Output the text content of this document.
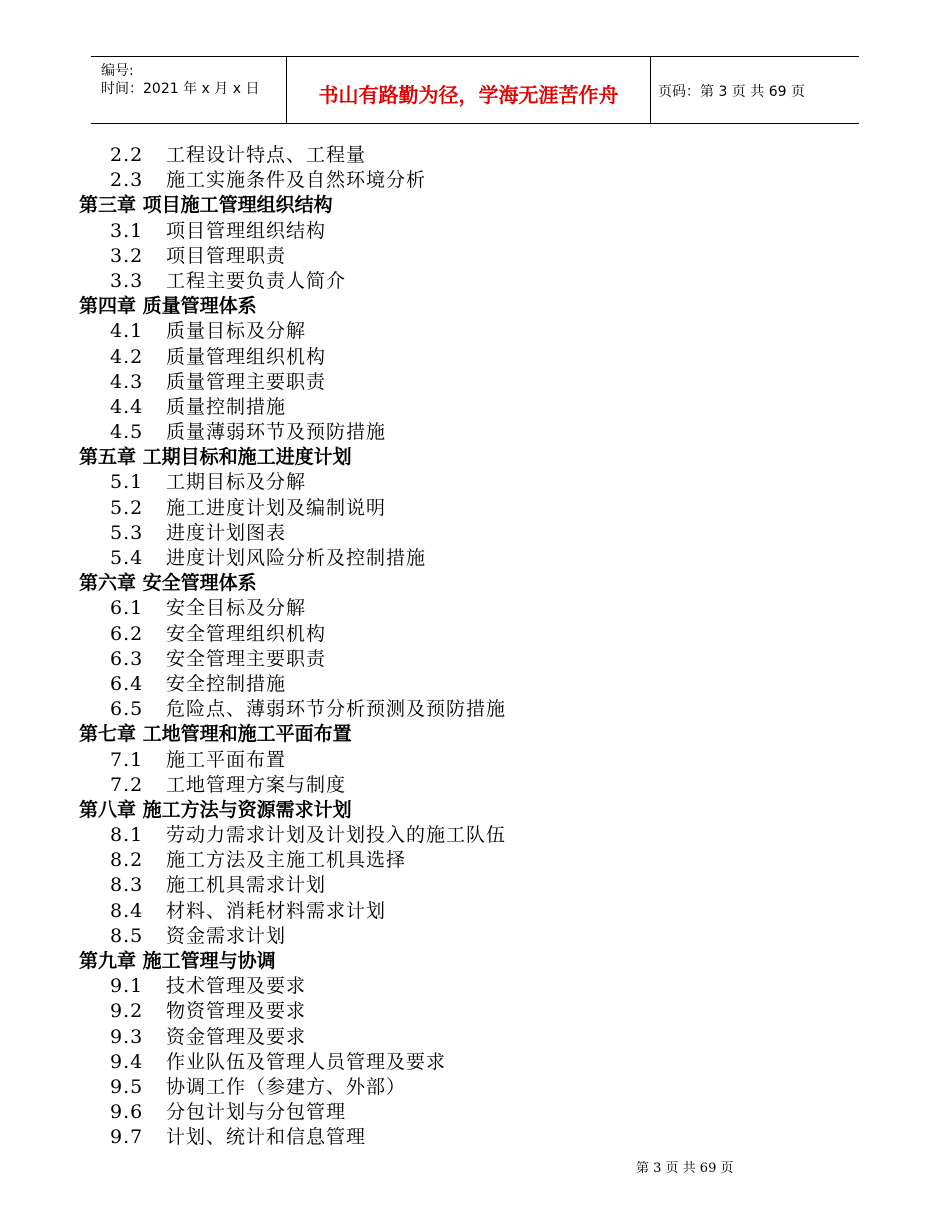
编号:
时间：2021 年 x 月 x 日	书山有路勤为径，学海无涯苦作舟	页码：第 3 页 共 69 页
2.2 工程设计特点、工程量
2.3 施工实施条件及自然环境分析
第三章 项目施工管理组织结构
3.1 项目管理组织结构
3.2 项目管理职责
3.3 工程主要负责人简介
第四章 质量管理体系
4.1 质量目标及分解
4.2 质量管理组织机构
4.3 质量管理主要职责
4.4 质量控制措施
4.5 质量薄弱环节及预防措施
第五章 工期目标和施工进度计划
5.1 工期目标及分解
5.2 施工进度计划及编制说明
5.3 进度计划图表
5.4 进度计划风险分析及控制措施
第六章 安全管理体系
6.1 安全目标及分解
6.2 安全管理组织机构
6.3 安全管理主要职责
6.4 安全控制措施
6.5 危险点、薄弱环节分析预测及预防措施
第七章 工地管理和施工平面布置
7.1 施工平面布置
7.2 工地管理方案与制度
第八章 施工方法与资源需求计划
8.1 劳动力需求计划及计划投入的施工队伍
8.2 施工方法及主施工机具选择
8.3 施工机具需求计划
8.4 材料、消耗材料需求计划
8.5 资金需求计划
第九章 施工管理与协调
9.1 技术管理及要求
9.2 物资管理及要求
9.3 资金管理及要求
9.4 作业队伍及管理人员管理及要求
9.5 协调工作（参建方、外部）
9.6 分包计划与分包管理
9.7 计划、统计和信息管理
第 3 页 共 69 页
